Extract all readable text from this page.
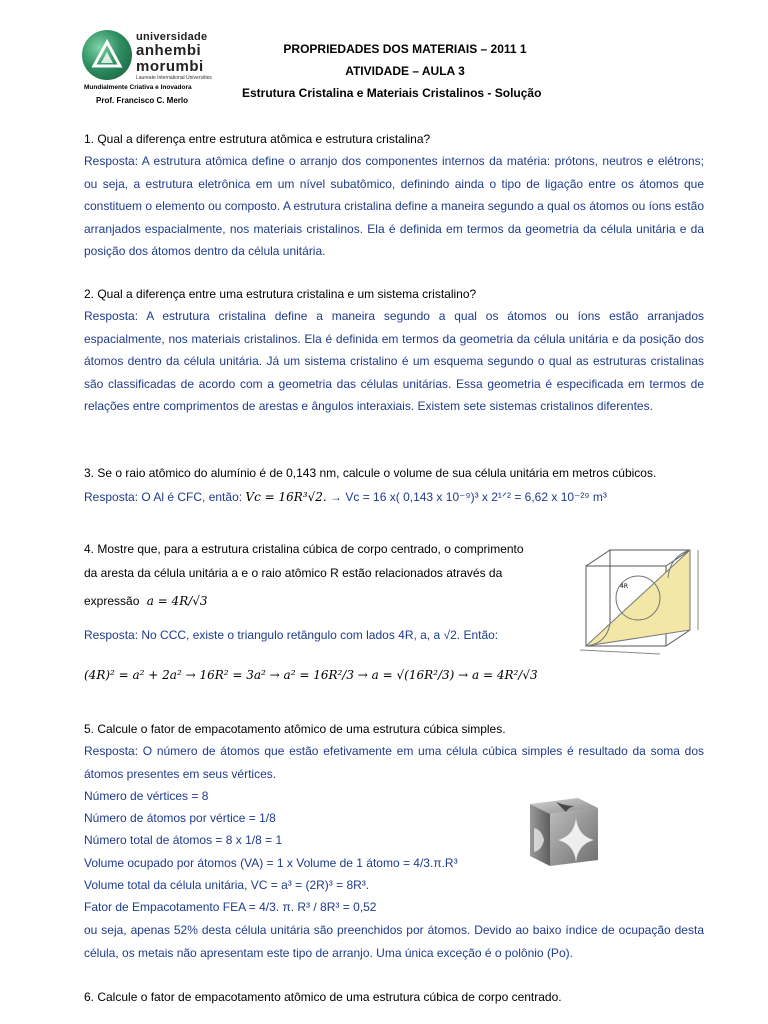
universidade
anhembi
morumbi
Laureate International Universities
Mundialmente Criativa e Inovadora
Prof. Francisco C. Merlo
PROPRIEDADES DOS MATERIAIS – 2011 1
ATIVIDADE – AULA 3
Estrutura Cristalina e Materiais Cristalinos - Solução
1. Qual a diferença entre estrutura atômica e estrutura cristalina?
Resposta: A estrutura atômica define o arranjo dos componentes internos da matéria: prótons, neutros e elétrons; ou seja, a estrutura eletrônica em um nível subatômico, definindo ainda o tipo de ligação entre os átomos que constituem o elemento ou composto. A estrutura cristalina define a maneira segundo a qual os átomos ou íons estão arranjados espacialmente, nos materiais cristalinos. Ela é definida em termos da geometria da célula unitária e da posição dos átomos dentro da célula unitária.
2. Qual a diferença entre uma estrutura cristalina e um sistema cristalino?
Resposta: A estrutura cristalina define a maneira segundo a qual os átomos ou íons estão arranjados espacialmente, nos materiais cristalinos. Ela é definida em termos da geometria da célula unitária e da posição dos átomos dentro da célula unitária. Já um sistema cristalino é um esquema segundo o qual as estruturas cristalinas são classificadas de acordo com a geometria das células unitárias. Essa geometria é especificada em termos de relações entre comprimentos de arestas e ângulos interaxiais. Existem sete sistemas cristalinos diferentes.
3. Se o raio atômico do alumínio é de 0,143 nm, calcule o volume de sua célula unitária em metros cúbicos.
Resposta: O Al é CFC, então: Vc = 16R³√2. → Vc = 16 x( 0,143 x 10⁻⁹)³ x 2¹ᐟ² = 6,62 x 10⁻²⁹ m³
4. Mostre que, para a estrutura cristalina cúbica de corpo centrado, o comprimento
da aresta da célula unitária a e o raio atômico R estão relacionados através da
expressão a = 4R/√3
Resposta: No CCC, existe o triangulo retângulo com lados 4R, a, a √2. Então:
(4R)² = a² + 2a² → 16R² = 3a² → a² = 16R²/3 → a = √(16R²/3) → a = 4R²/√3
4R
5. Calcule o fator de empacotamento atômico de uma estrutura cúbica simples.
Resposta: O número de átomos que estão efetivamente em uma célula cúbica simples é resultado da soma dos átomos presentes em seus vértices.
Número de vértices = 8
Número de átomos por vértice = 1/8
Número total de átomos = 8 x 1/8 = 1
Volume ocupado por átomos (VA) = 1 x Volume de 1 átomo = 4/3.π.R³
Volume total da célula unitária, VC = a³ = (2R)³ = 8R³.
Fator de Empacotamento FEA = 4/3. π. R³ / 8R³ = 0,52
ou seja, apenas 52% desta célula unitária são preenchidos por átomos. Devido ao baixo índice de ocupação desta célula, os metais não apresentam este tipo de arranjo. Uma única exceção é o polônio (Po).
6. Calcule o fator de empacotamento atômico de uma estrutura cúbica de corpo centrado.
